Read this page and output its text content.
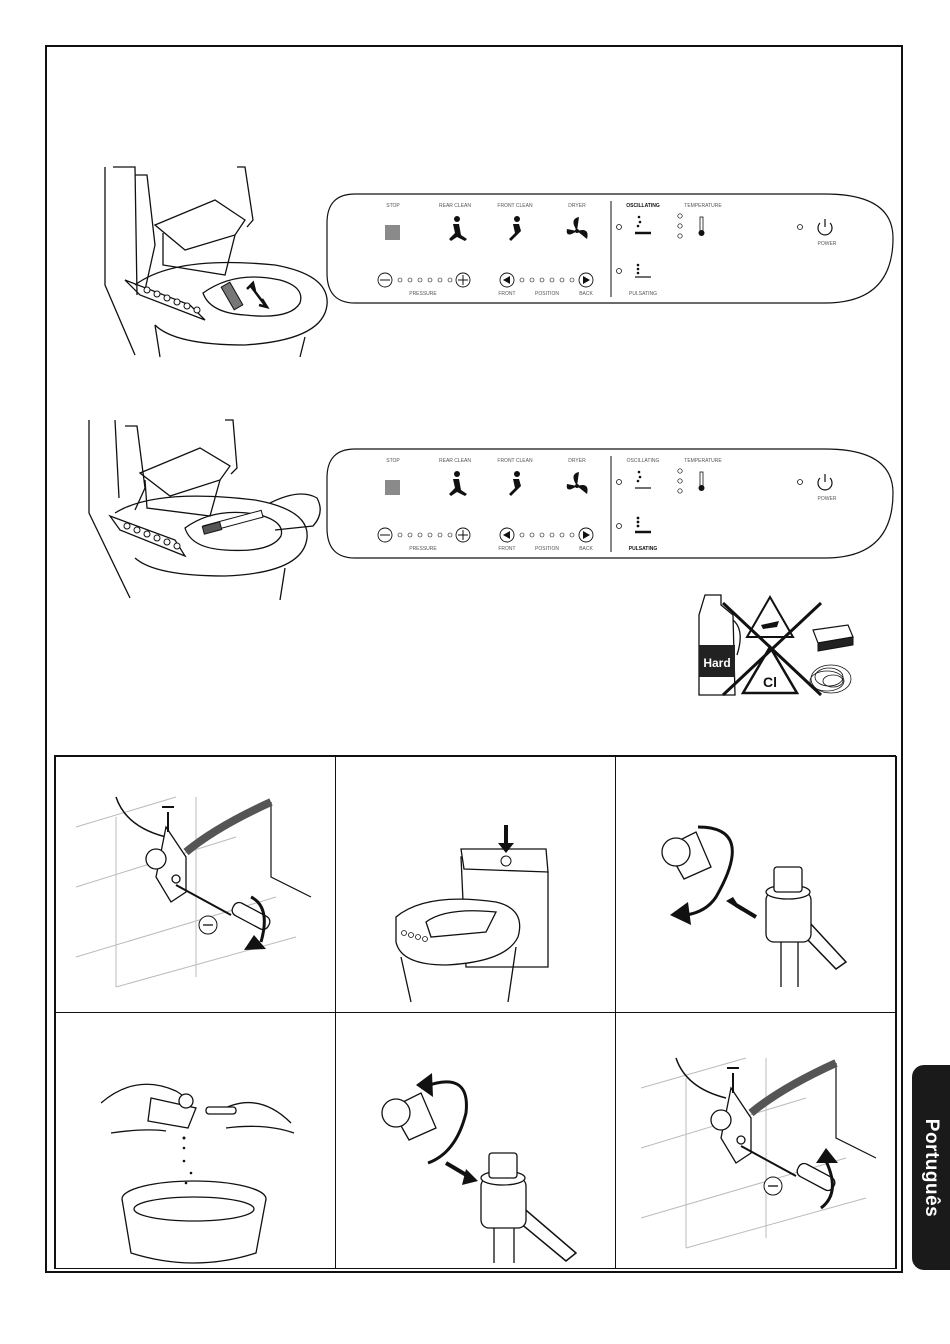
STOP	REAR CLEAN	FRONT CLEAN	DRYER	OSCILLATING	TEMPERATURE
POWER
PULSATING
PRESSURE	FRONT	POSITION	BACK
STOP	REAR CLEAN	FRONT CLEAN	DRYER	OSCILLATING	TEMPERATURE
POWER
PULSATING
PRESSURE	FRONT	POSITION	BACK
Hard
Cl
Português
